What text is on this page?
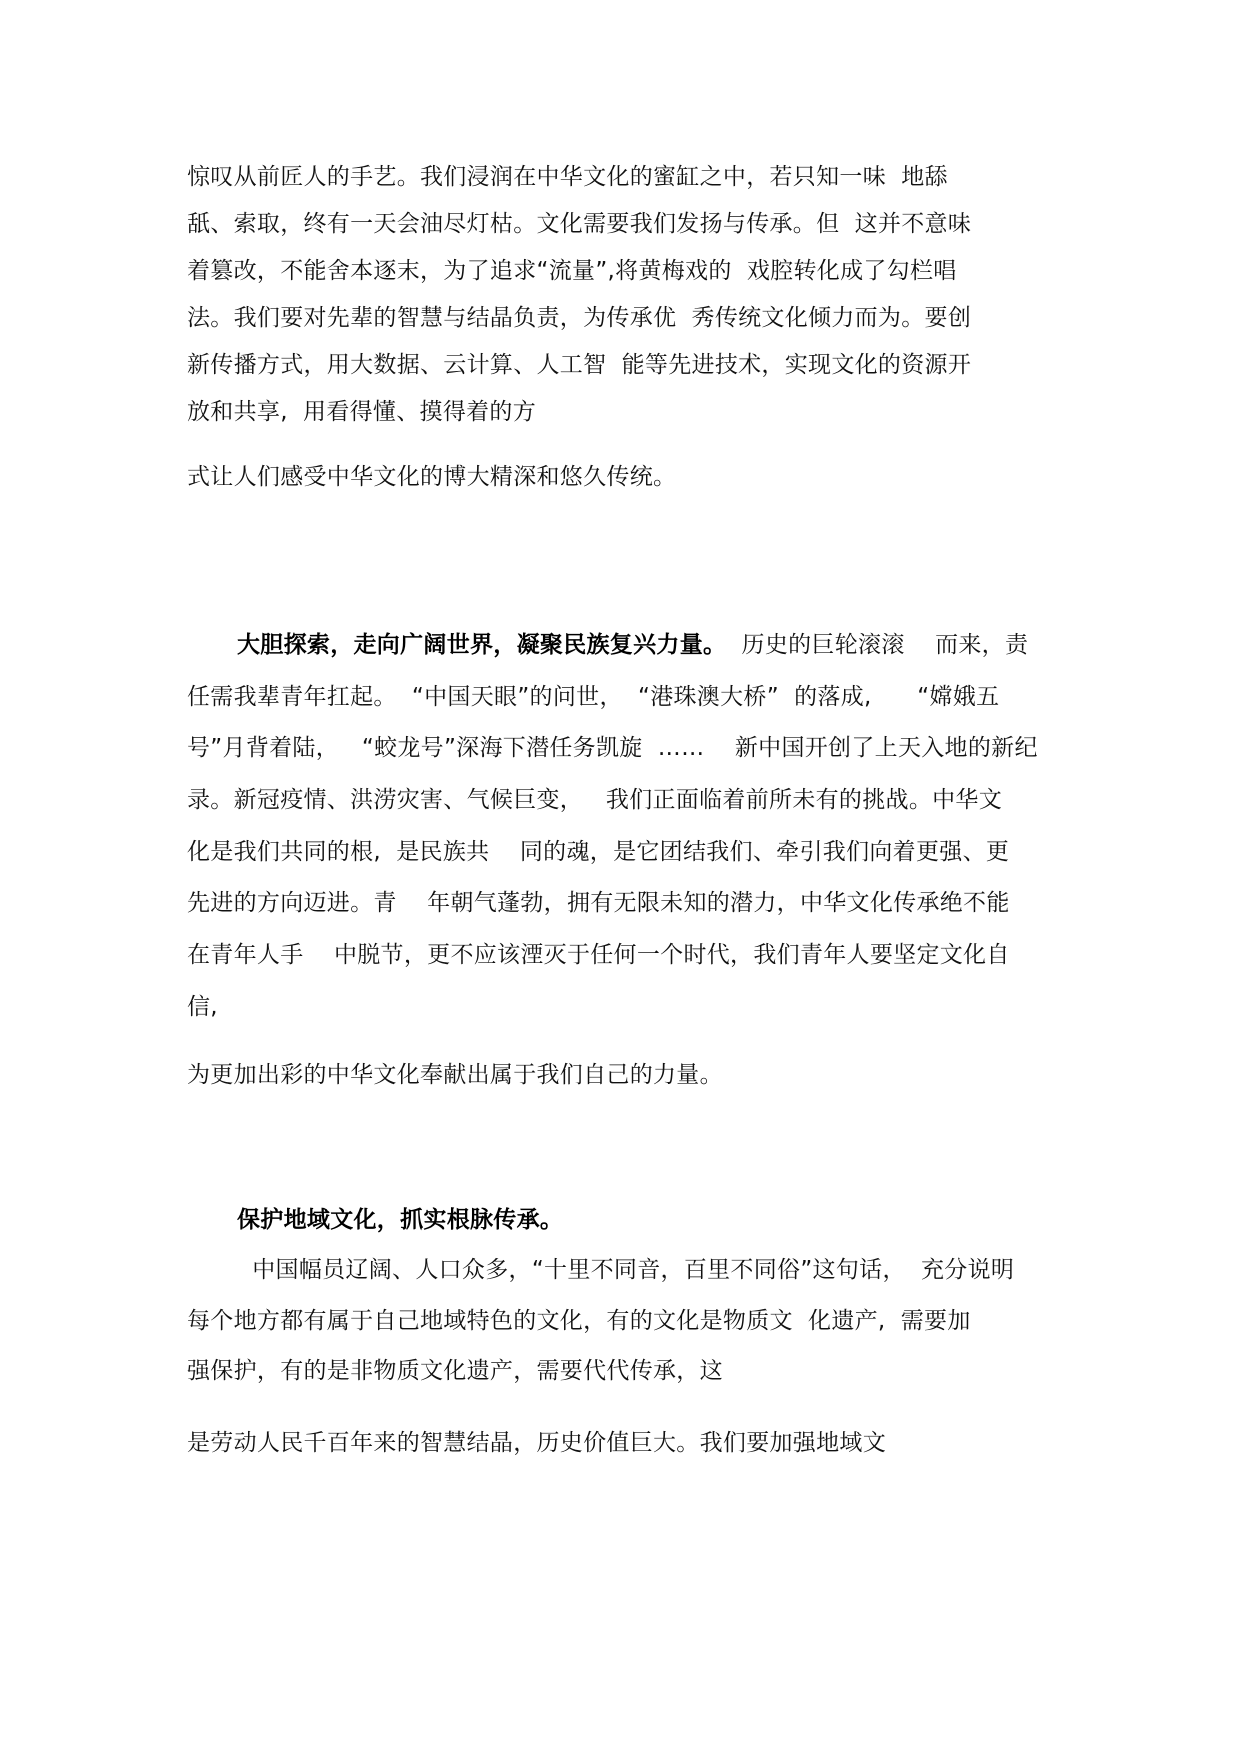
惊叹从前匠人的手艺。我们浸润在中华文化的蜜缸之中，若只知一味  地舔
舐、索取，终有一天会油尽灯枯。文化需要我们发扬与传承。但  这并不意味
着篡改，不能舍本逐末，为了追求“流量”,将黄梅戏的  戏腔转化成了勾栏唱
法。我们要对先辈的智慧与结晶负责，为传承优  秀传统文化倾力而为。要创
新传播方式，用大数据、云计算、人工智  能等先进技术，实现文化的资源开
放和共享,  用看得懂、摸得着的方
式让人们感受中华文化的博大精深和悠久传统。
大胆探索，走向广阔世界，凝聚民族复兴力量。  历史的巨轮滚滚    而来，责
任需我辈青年扛起。  “中国天眼”的问世，  “港珠澳大桥”  的落成,      “嫦娥五
号”月背着陆，   “蛟龙号”深海下潜任务凯旋  ……    新中国开创了上天入地的新纪
录。新冠疫情、洪涝灾害、气候巨变，   我们正面临着前所未有的挑战。中华文
化是我们共同的根,  是民族共    同的魂，是它团结我们、牵引我们向着更强、更
先进的方向迈进。青    年朝气蓬勃，拥有无限未知的潜力，中华文化传承绝不能
在青年人手    中脱节，更不应该湮灭于任何一个时代，我们青年人要坚定文化自
信,
为更加出彩的中华文化奉献出属于我们自己的力量。
保护地域文化，抓实根脉传承。
中国幅员辽阔、人口众多，“十里不同音，百里不同俗”这句话，  充分说明
每个地方都有属于自己地域特色的文化，有的文化是物质文  化遗产,  需要加
强保护，有的是非物质文化遗产，需要代代传承，这
是劳动人民千百年来的智慧结晶，历史价值巨大。我们要加强地域文
